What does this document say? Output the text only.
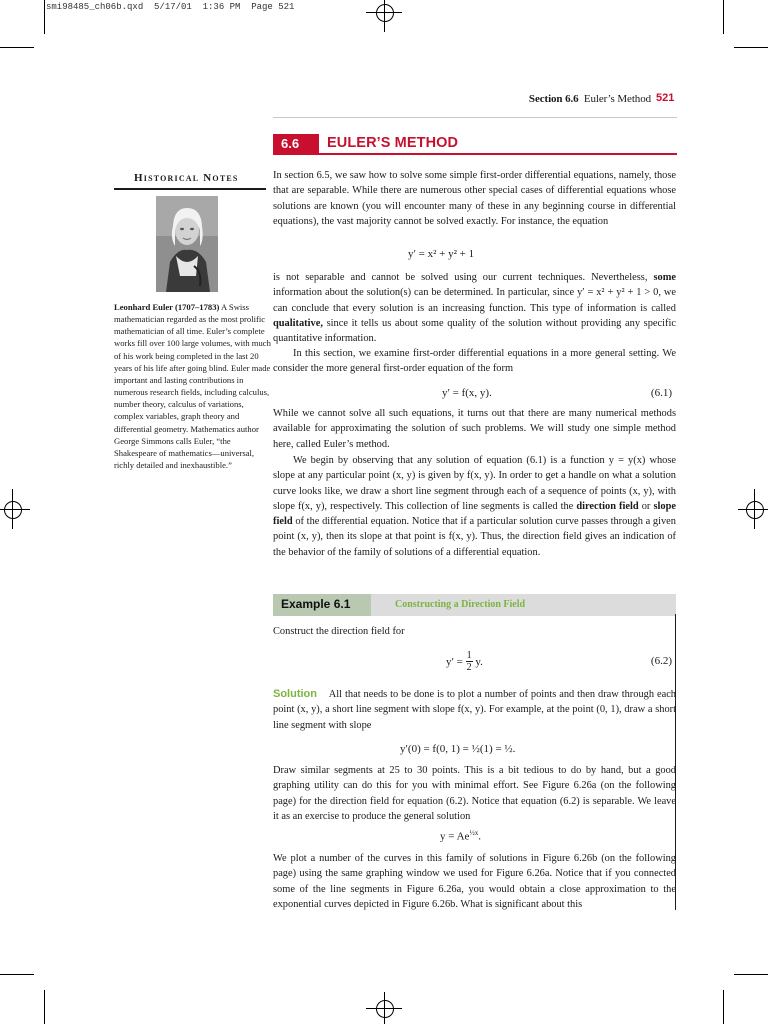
smi98485_ch06b.qxd  5/17/01  1:36 PM  Page 521
Section 6.6 Euler’s Method 521
6.6	EULER’S METHOD
Historical Notes
Leonhard Euler (1707–1783) A Swiss mathematician regarded as the most prolific mathematician of all time. Euler’s complete works fill over 100 large volumes, with much of his work being completed in the last 20 years of his life after going blind. Euler made important and lasting contributions in numerous research fields, including calculus, number theory, calculus of variations, complex variables, graph theory and differential geometry. Mathematics author George Simmons calls Euler, “the Shakespeare of mathematics—universal, richly detailed and inexhaustible.”
In section 6.5, we saw how to solve some simple first-order differential equations, namely, those that are separable. While there are numerous other special cases of differential equations whose solutions are known (you will encounter many of these in any beginning course in differential equations), the vast majority cannot be solved exactly. For instance, the equation
y′ = x² + y² + 1
is not separable and cannot be solved using our current techniques. Nevertheless, some information about the solution(s) can be determined. In particular, since y′ = x² + y² + 1 > 0, we can conclude that every solution is an increasing function. This type of information is called qualitative, since it tells us about some quality of the solution without providing any specific quantitative information.
In this section, we examine first-order differential equations in a more general setting. We consider the more general first-order equation of the form
y′ = f(x, y).	(6.1)
While we cannot solve all such equations, it turns out that there are many numerical methods available for approximating the solution of such problems. We will study one simple method here, called Euler’s method.
We begin by observing that any solution of equation (6.1) is a function y = y(x) whose slope at any particular point (x, y) is given by f(x, y). In order to get a handle on what a solution curve looks like, we draw a short line segment through each of a sequence of points (x, y), with slope f(x, y), respectively. This collection of line segments is called the direction field or slope field of the differential equation. Notice that if a particular solution curve passes through a given point (x, y), then its slope at that point is f(x, y). Thus, the direction field gives an indication of the behavior of the family of solutions of a differential equation.
Example 6.1	Constructing a Direction Field
Construct the direction field for
$y' = \frac{1}{2} y$.	(6.2)
Solution All that needs to be done is to plot a number of points and then draw through each point (x, y), a short line segment with slope f(x, y). For example, at the point (0, 1), draw a short line segment with slope
y′(0) = f(0, 1) = ½(1) = ½.
Draw similar segments at 25 to 30 points. This is a bit tedious to do by hand, but a good graphing utility can do this for you with minimal effort. See Figure 6.26a (on the following page) for the direction field for equation (6.2). Notice that equation (6.2) is separable. We leave it as an exercise to produce the general solution
$y = Ae^{\frac{1}{2}x}$.
We plot a number of the curves in this family of solutions in Figure 6.26b (on the following page) using the same graphing window we used for Figure 6.26a. Notice that if you connected some of the line segments in Figure 6.26a, you would obtain a close approximation to the exponential curves depicted in Figure 6.26b. What is significant about this
